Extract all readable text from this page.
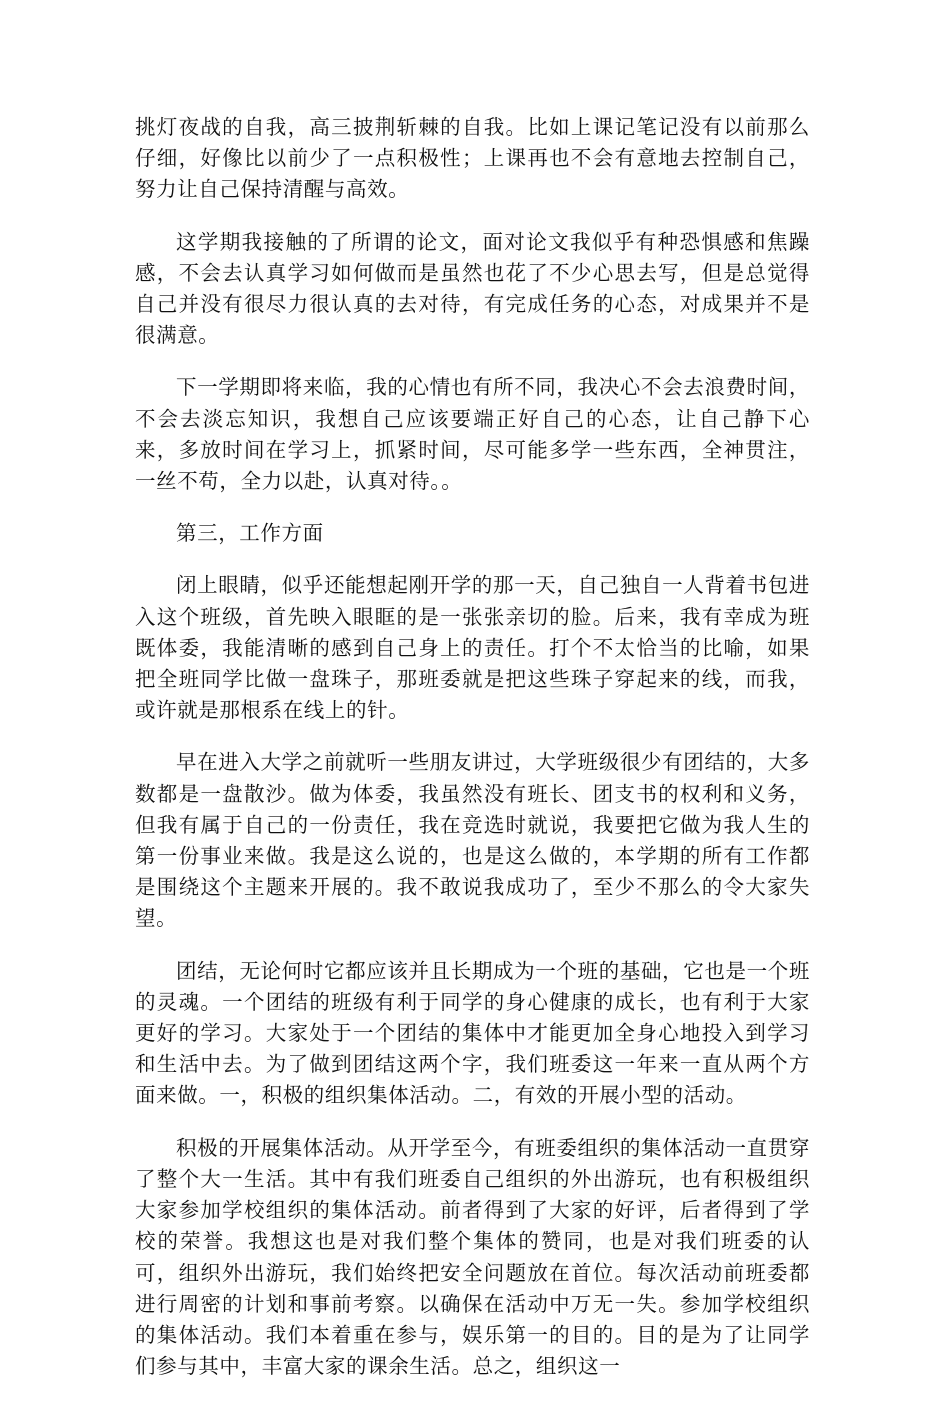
挑灯夜战的自我，高三披荆斩棘的自我。比如上课记笔记没有以前那么仔细，好像比以前少了一点积极性；上课再也不会有意地去控制自己，努力让自己保持清醒与高效。

这学期我接触的了所谓的论文，面对论文我似乎有种恐惧感和焦躁感，不会去认真学习如何做而是虽然也花了不少心思去写，但是总觉得自己并没有很尽力很认真的去对待，有完成任务的心态，对成果并不是很满意。

下一学期即将来临，我的心情也有所不同，我决心不会去浪费时间，不会去淡忘知识，我想自己应该要端正好自己的心态，让自己静下心来，多放时间在学习上，抓紧时间，尽可能多学一些东西，全神贯注，一丝不苟，全力以赴，认真对待。。

第三，工作方面

闭上眼睛，似乎还能想起刚开学的那一天，自己独自一人背着书包进入这个班级，首先映入眼眶的是一张张亲切的脸。后来，我有幸成为班既体委，我能清晰的感到自己身上的责任。打个不太恰当的比喻，如果把全班同学比做一盘珠子，那班委就是把这些珠子穿起来的线，而我，或许就是那根系在线上的针。

早在进入大学之前就听一些朋友讲过，大学班级很少有团结的，大多数都是一盘散沙。做为体委，我虽然没有班长、团支书的权利和义务，但我有属于自己的一份责任，我在竞选时就说，我要把它做为我人生的第一份事业来做。我是这么说的，也是这么做的，本学期的所有工作都是围绕这个主题来开展的。我不敢说我成功了，至少不那么的令大家失望。

团结，无论何时它都应该并且长期成为一个班的基础，它也是一个班的灵魂。一个团结的班级有利于同学的身心健康的成长，也有利于大家更好的学习。大家处于一个团结的集体中才能更加全身心地投入到学习和生活中去。为了做到团结这两个字，我们班委这一年来一直从两个方面来做。一，积极的组织集体活动。二，有效的开展小型的活动。

积极的开展集体活动。从开学至今，有班委组织的集体活动一直贯穿了整个大一生活。其中有我们班委自己组织的外出游玩，也有积极组织大家参加学校组织的集体活动。前者得到了大家的好评，后者得到了学校的荣誉。我想这也是对我们整个集体的赞同，也是对我们班委的认可，组织外出游玩，我们始终把安全问题放在首位。每次活动前班委都进行周密的计划和事前考察。以确保在活动中万无一失。参加学校组织的集体活动。我们本着重在参与，娱乐第一的目的。目的是为了让同学们参与其中，丰富大家的课余生活。总之，组织这一
